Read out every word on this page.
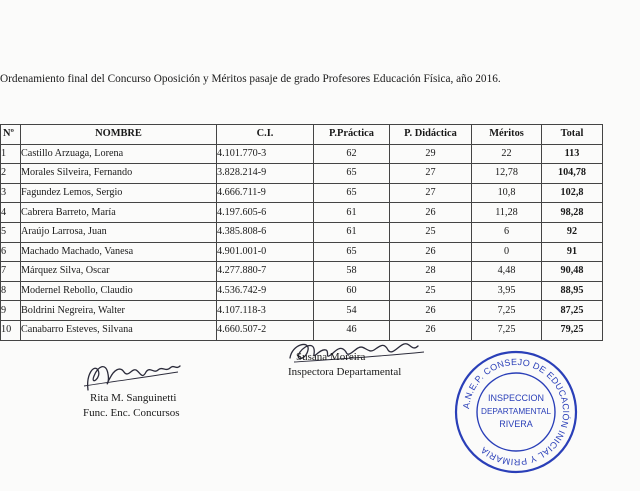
Ordenamiento final del Concurso Oposición y Méritos pasaje de grado Profesores Educación Física, año 2016.
Nº	NOMBRE	C.I.	P.Práctica	P. Didáctica	Méritos	Total
1	Castillo Arzuaga, Lorena	4.101.770-3	62	29	22	113
2	Morales Silveira, Fernando	3.828.214-9	65	27	12,78	104,78
3	Fagundez Lemos, Sergio	4.666.711-9	65	27	10,8	102,8
4	Cabrera Barreto, María	4.197.605-6	61	26	11,28	98,28
5	Araújo Larrosa, Juan	4.385.808-6	61	25	6	92
6	Machado Machado, Vanesa	4.901.001-0	65	26	0	91
7	Márquez Silva, Oscar	4.277.880-7	58	28	4,48	90,48
8	Modernel Rebollo, Claudio	4.536.742-9	60	25	3,95	88,95
9	Boldrini Negreira, Walter	4.107.118-3	54	26	7,25	87,25
10	Canabarro Esteves, Silvana	4.660.507-2	46	26	7,25	79,25
Susana Moreira
Inspectora Departamental
Rita M. Sanguinetti
Func. Enc. Concursos
A.N.E.P. CONSEJO DE EDUCACIÓN INICIAL Y PRIMARIA
INSPECCION
DEPARTAMENTAL
RIVERA
